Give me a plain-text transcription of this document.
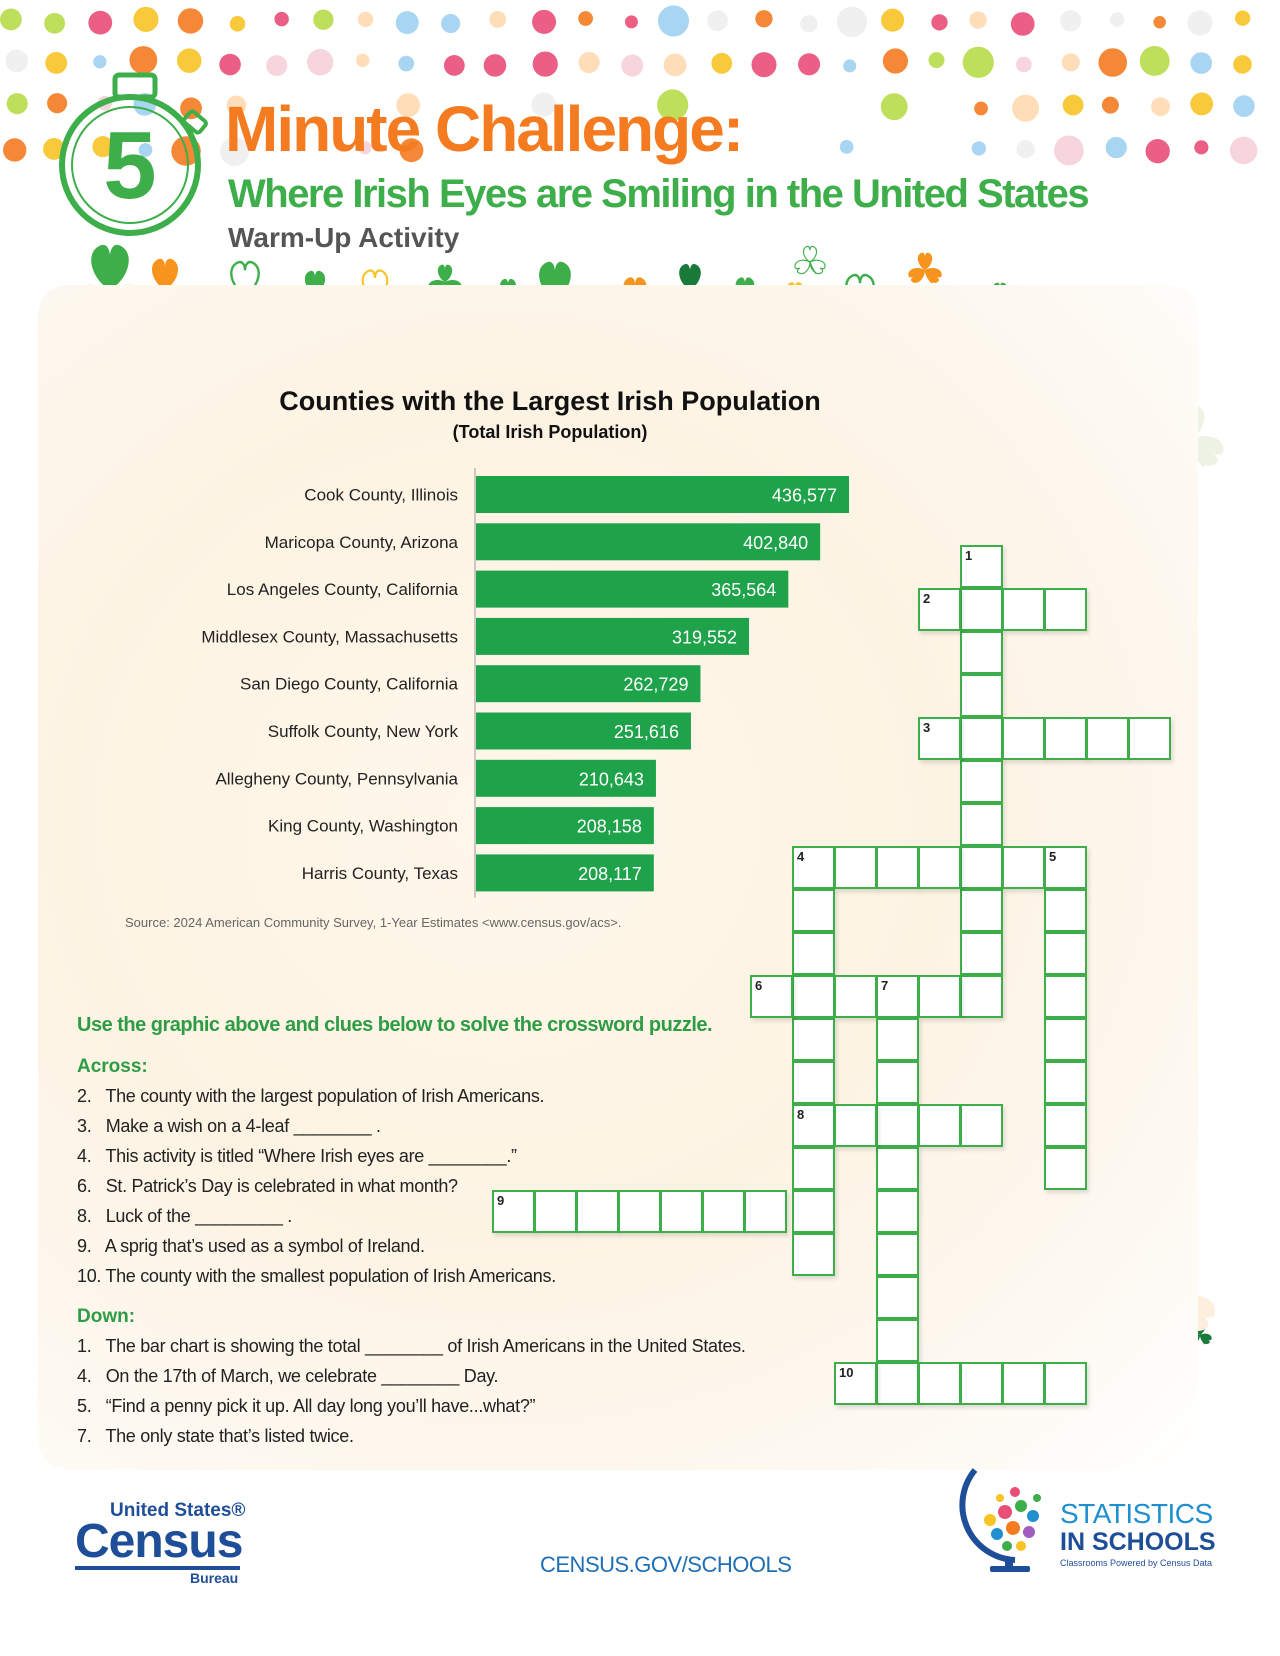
5 Minute Challenge:
Where Irish Eyes are Smiling in the United States
Warm-Up Activity
Counties with the Largest Irish Population
(Total Irish Population)
436,577
Cook County, Illinois
402,840
Maricopa County, Arizona
365,564
Los Angeles County, California
319,552
Middlesex County, Massachusetts
262,729
San Diego County, California
251,616
Suffolk County, New York
210,643
Allegheny County, Pennsylvania
208,158
King County, Washington
208,117
Harris County, Texas
Source: 2024 American Community Survey, 1-Year Estimates <www.census.gov/acs>.
Use the graphic above and clues below to solve the crossword puzzle.
Across:
2. The county with the largest population of Irish Americans.
3. Make a wish on a 4-leaf ________ .
4. This activity is titled “Where Irish eyes are ________.”
6. St. Patrick’s Day is celebrated in what month?
8. Luck of the _________ .
9. A sprig that’s used as a symbol of Ireland.
10. The county with the smallest population of Irish Americans.
Down:
1. The bar chart is showing the total ________ of Irish Americans in the United States.
4. On the 17th of March, we celebrate ________ Day.
5. “Find a penny pick it up. All day long you’ll have...what?”
7. The only state that’s listed twice.
1
2
3
4	5
8
6	7
9
10
United States®
Census
Bureau
CENSUS.GOV/SCHOOLS
STATISTICS
IN SCHOOLS
Classrooms Powered by Census Data
